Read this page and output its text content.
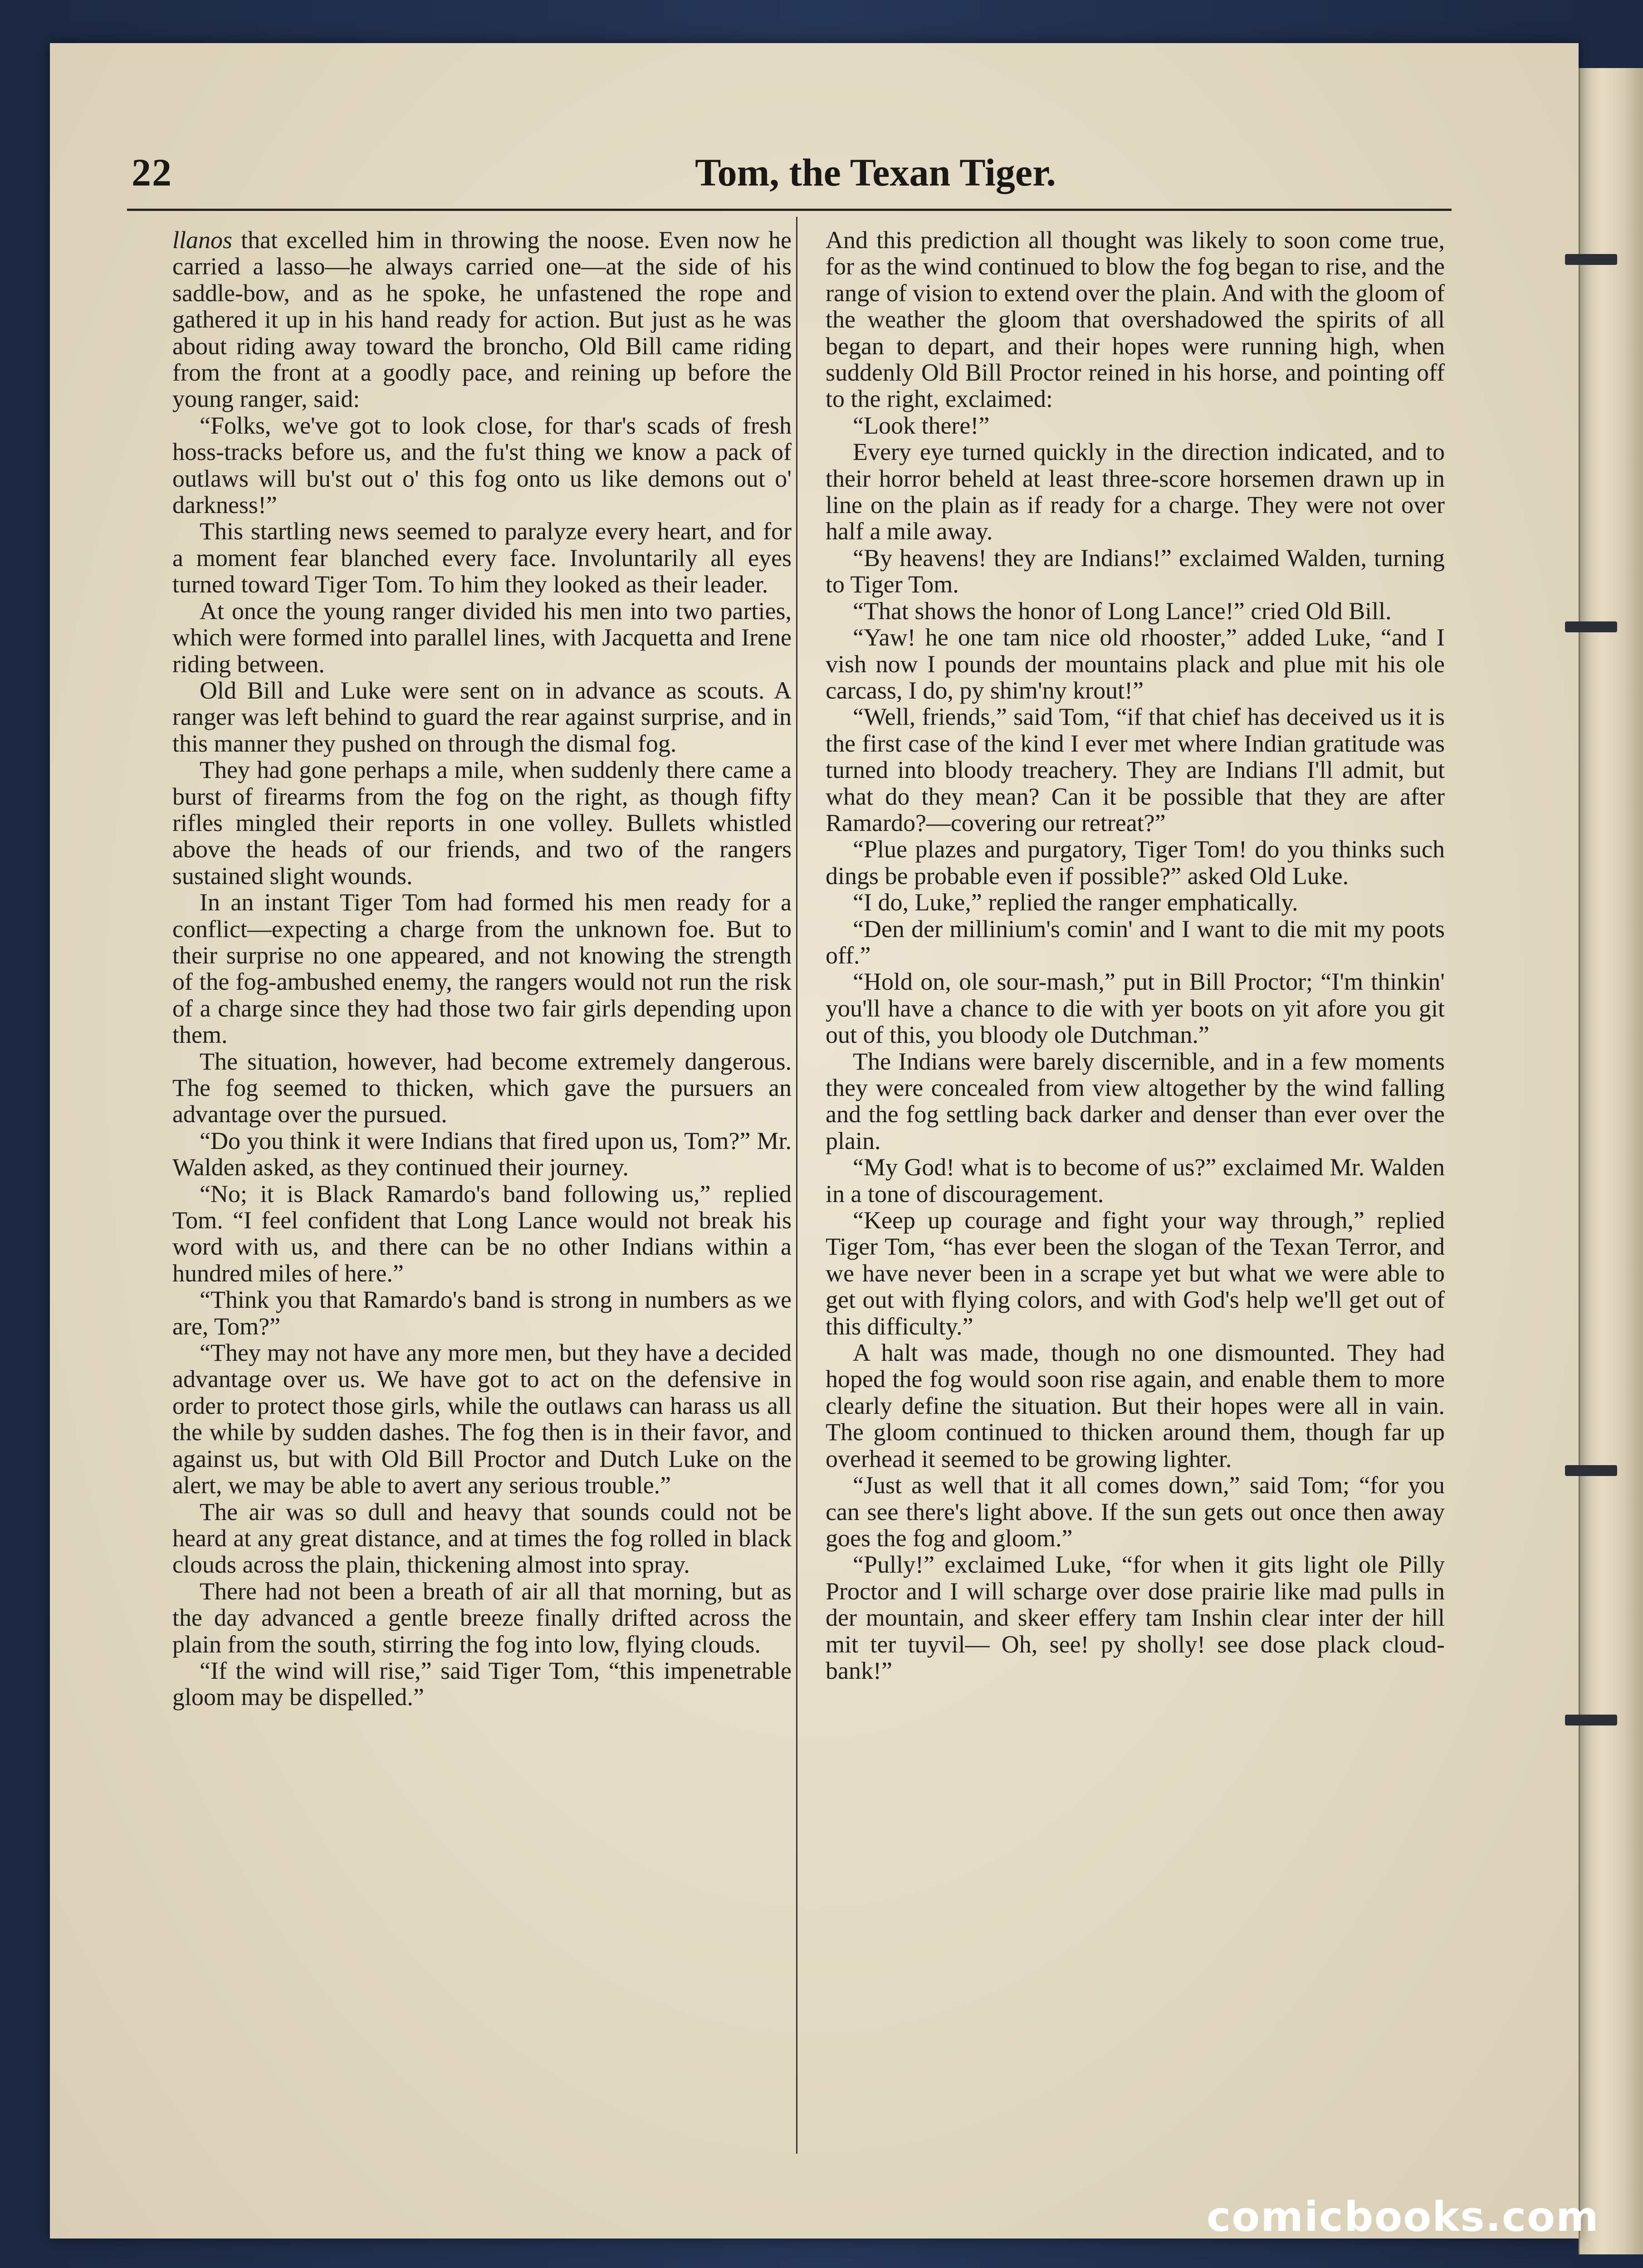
22	Tom, the Texan Tiger.

llanos that excelled him in throwing the noose. Even now he carried a lasso—he always carried one—at the side of his saddle-bow, and as he spoke, he unfastened the rope and gathered it up in his hand ready for action. But just as he was about riding away toward the broncho, Old Bill came riding from the front at a goodly pace, and reining up before the young ranger, said:

“Folks, we've got to look close, for thar's scads of fresh hoss-tracks before us, and the fu'st thing we know a pack of outlaws will bu'st out o' this fog onto us like demons out o' darkness!”

This startling news seemed to paralyze every heart, and for a moment fear blanched every face. Involuntarily all eyes turned toward Tiger Tom. To him they looked as their leader.

At once the young ranger divided his men into two parties, which were formed into parallel lines, with Jacquetta and Irene riding between.

Old Bill and Luke were sent on in advance as scouts. A ranger was left behind to guard the rear against surprise, and in this manner they pushed on through the dismal fog.

They had gone perhaps a mile, when suddenly there came a burst of firearms from the fog on the right, as though fifty rifles mingled their reports in one volley. Bullets whistled above the heads of our friends, and two of the rangers sustained slight wounds.

In an instant Tiger Tom had formed his men ready for a conflict—expecting a charge from the unknown foe. But to their surprise no one appeared, and not knowing the strength of the fog-ambushed enemy, the rangers would not run the risk of a charge since they had those two fair girls depending upon them.

The situation, however, had become extremely dangerous. The fog seemed to thicken, which gave the pursuers an advantage over the pursued.

“Do you think it were Indians that fired upon us, Tom?” Mr. Walden asked, as they continued their journey.

“No; it is Black Ramardo's band following us,” replied Tom. “I feel confident that Long Lance would not break his word with us, and there can be no other Indians within a hundred miles of here.”

“Think you that Ramardo's band is strong in numbers as we are, Tom?”

“They may not have any more men, but they have a decided advantage over us. We have got to act on the defensive in order to protect those girls, while the outlaws can harass us all the while by sudden dashes. The fog then is in their favor, and against us, but with Old Bill Proctor and Dutch Luke on the alert, we may be able to avert any serious trouble.”

The air was so dull and heavy that sounds could not be heard at any great distance, and at times the fog rolled in black clouds across the plain, thickening almost into spray.

There had not been a breath of air all that morning, but as the day advanced a gentle breeze finally drifted across the plain from the south, stirring the fog into low, flying clouds.

“If the wind will rise,” said Tiger Tom, “this impenetrable gloom may be dispelled.”

And this prediction all thought was likely to soon come true, for as the wind continued to blow the fog began to rise, and the range of vision to extend over the plain. And with the gloom of the weather the gloom that overshadowed the spirits of all began to depart, and their hopes were running high, when suddenly Old Bill Proctor reined in his horse, and pointing off to the right, exclaimed:

“Look there!”

Every eye turned quickly in the direction indicated, and to their horror beheld at least three-score horsemen drawn up in line on the plain as if ready for a charge. They were not over half a mile away.

“By heavens! they are Indians!” exclaimed Walden, turning to Tiger Tom.

“That shows the honor of Long Lance!” cried Old Bill.

“Yaw! he one tam nice old rhooster,” added Luke, “and I vish now I pounds der mountains plack and plue mit his ole carcass, I do, py shim'ny krout!”

“Well, friends,” said Tom, “if that chief has deceived us it is the first case of the kind I ever met where Indian gratitude was turned into bloody treachery. They are Indians I'll admit, but what do they mean? Can it be possible that they are after Ramardo?—covering our retreat?”

“Plue plazes and purgatory, Tiger Tom! do you thinks such dings be probable even if possible?” asked Old Luke.

“I do, Luke,” replied the ranger emphatically.

“Den der millinium's comin' and I want to die mit my poots off.”

“Hold on, ole sour-mash,” put in Bill Proctor; “I'm thinkin' you'll have a chance to die with yer boots on yit afore you git out of this, you bloody ole Dutchman.”

The Indians were barely discernible, and in a few moments they were concealed from view altogether by the wind falling and the fog settling back darker and denser than ever over the plain.

“My God! what is to become of us?” exclaimed Mr. Walden in a tone of discouragement.

“Keep up courage and fight your way through,” replied Tiger Tom, “has ever been the slogan of the Texan Terror, and we have never been in a scrape yet but what we were able to get out with flying colors, and with God's help we'll get out of this difficulty.”

A halt was made, though no one dismounted. They had hoped the fog would soon rise again, and enable them to more clearly define the situation. But their hopes were all in vain. The gloom continued to thicken around them, though far up overhead it seemed to be growing lighter.

“Just as well that it all comes down,” said Tom; “for you can see there's light above. If the sun gets out once then away goes the fog and gloom.”

“Pully!” exclaimed Luke, “for when it gits light ole Pilly Proctor and I will scharge over dose prairie like mad pulls in der mountain, and skeer effery tam Inshin clear inter der hill mit ter tuyvil— Oh, see! py sholly! see dose plack cloud-bank!”

comicbooks.com
